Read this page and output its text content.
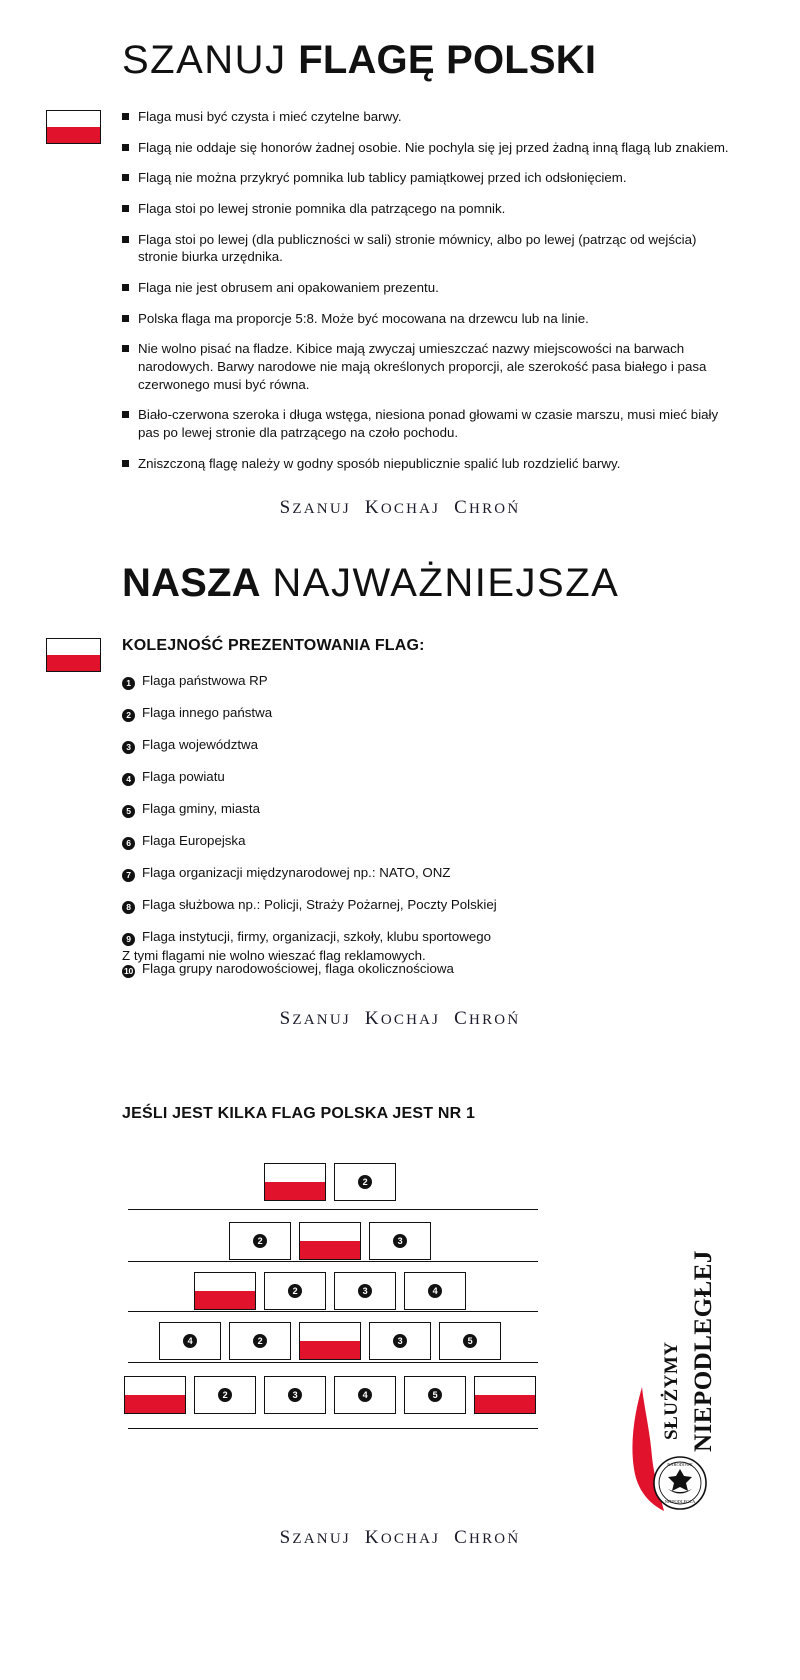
SZANUJ FLAGĘ POLSKI
Flaga musi być czysta i mieć czytelne barwy.
Flagą nie oddaje się honorów żadnej osobie. Nie pochyla się jej przed żadną inną flagą lub znakiem.
Flagą nie można przykryć pomnika lub tablicy pamiątkowej przed ich odsłonięciem.
Flaga stoi po lewej stronie pomnika dla patrzącego na pomnik.
Flaga stoi po lewej (dla publiczności w sali) stronie mównicy, albo po lewej (patrząc od wejścia) stronie biurka urzędnika.
Flaga nie jest obrusem ani opakowaniem prezentu.
Polska flaga ma proporcje 5:8. Może być mocowana na drzewcu lub na linie.
Nie wolno pisać na fladze. Kibice mają zwyczaj umieszczać nazwy miejscowości na barwach narodowych. Barwy narodowe nie mają określonych proporcji, ale szerokość pasa białego i pasa czerwonego musi być równa.
Biało-czerwona szeroka i długa wstęga, niesiona ponad głowami w czasie marszu, musi mieć biały pas po lewej stronie dla patrzącego na czoło pochodu.
Zniszczoną flagę należy w godny sposób niepublicznie spalić lub rozdzielić barwy.
SZANUJ KOCHAJ CHROŃ
NASZA NAJWAŻNIEJSZA
KOLEJNOŚĆ PREZENTOWANIA FLAG:
1 Flaga państwowa RP
2 Flaga innego państwa
3 Flaga województwa
4 Flaga powiatu
5 Flaga gminy, miasta
6 Flaga Europejska
7 Flaga organizacji międzynarodowej np.: NATO, ONZ
8 Flaga służbowa np.: Policji, Straży Pożarnej, Poczty Polskiej
9 Flaga instytucji, firmy, organizacji, szkoły, klubu sportowego
10 Flaga grupy narodowościowej, flaga okolicznościowa
Z tymi flagami nie wolno wieszać flag reklamowych.
SZANUJ KOCHAJ CHROŃ
JEŚLI JEST KILKA FLAG POLSKA JEST NR 1
2
2	3
2	3	4
4	2	3	5
2	3	4	5	SŁUŻYMY NIEPODLEGŁEJ
NARODOWE
NIEPODLEGŁA
SZANUJ KOCHAJ CHROŃ
